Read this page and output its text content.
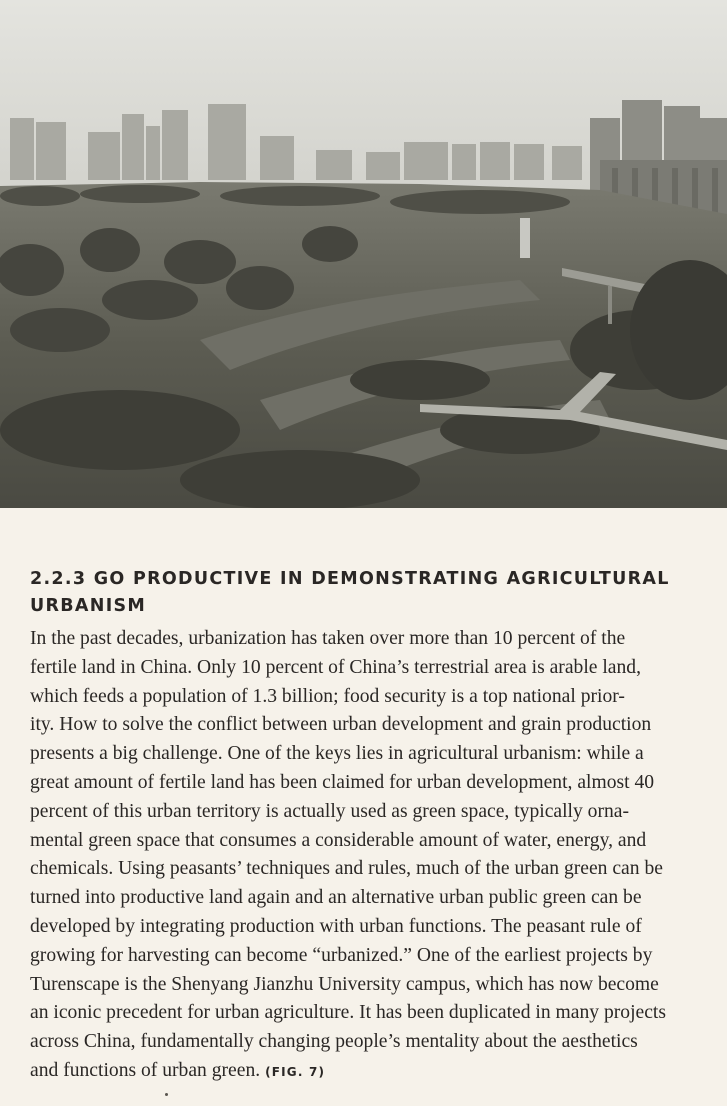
2.2.3 GO PRODUCTIVE IN DEMONSTRATING AGRICULTURAL
URBANISM

In the past decades, urbanization has taken over more than 10 percent of the
fertile land in China. Only 10 percent of China’s terrestrial area is arable land,
which feeds a population of 1.3 billion; food security is a top national prior-
ity. How to solve the conflict between urban development and grain production
presents a big challenge. One of the keys lies in agricultural urbanism: while a
great amount of fertile land has been claimed for urban development, almost 40
percent of this urban territory is actually used as green space, typically orna-
mental green space that consumes a considerable amount of water, energy, and
chemicals. Using peasants’ techniques and rules, much of the urban green can be
turned into productive land again and an alternative urban public green can be
developed by integrating production with urban functions. The peasant rule of
growing for harvesting can become “urbanized.” One of the earliest projects by
Turenscape is the Shenyang Jianzhu University campus, which has now become
an iconic precedent for urban agriculture. It has been duplicated in many projects
across China, fundamentally changing people’s mentality about the aesthetics
and functions of urban green. (FIG. 7)
